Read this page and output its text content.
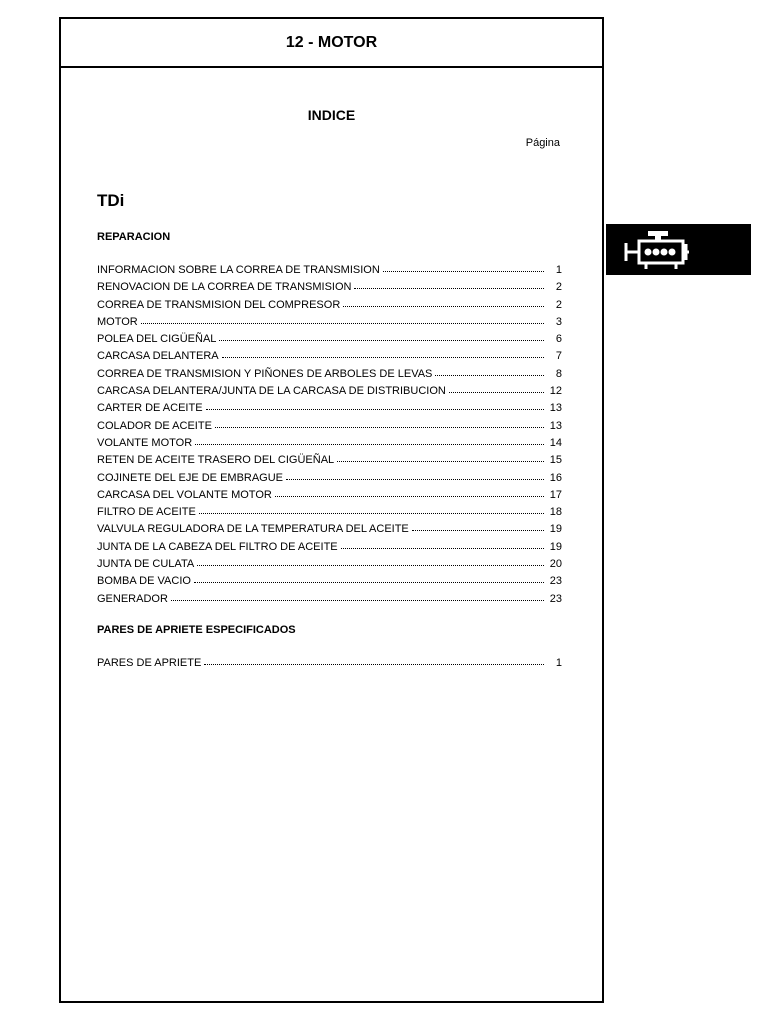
12 - MOTOR
INDICE
Página
TDi
REPARACION
INFORMACION SOBRE LA CORREA DE TRANSMISION	1
RENOVACION DE LA CORREA DE TRANSMISION	2
CORREA DE TRANSMISION DEL COMPRESOR	2
MOTOR	3
POLEA DEL CIGÜEÑAL	6
CARCASA DELANTERA	7
CORREA DE TRANSMISION Y PIÑONES DE ARBOLES DE LEVAS	8
CARCASA DELANTERA/JUNTA DE LA CARCASA DE DISTRIBUCION	12
CARTER DE ACEITE	13
COLADOR DE ACEITE	13
VOLANTE MOTOR	14
RETEN DE ACEITE TRASERO DEL CIGÜEÑAL	15
COJINETE DEL EJE DE EMBRAGUE	16
CARCASA DEL VOLANTE MOTOR	17
FILTRO DE ACEITE	18
VALVULA REGULADORA DE LA TEMPERATURA DEL ACEITE	19
JUNTA DE LA CABEZA DEL FILTRO DE ACEITE	19
JUNTA DE CULATA	20
BOMBA DE VACIO	23
GENERADOR	23
PARES DE APRIETE ESPECIFICADOS
PARES DE APRIETE	1
